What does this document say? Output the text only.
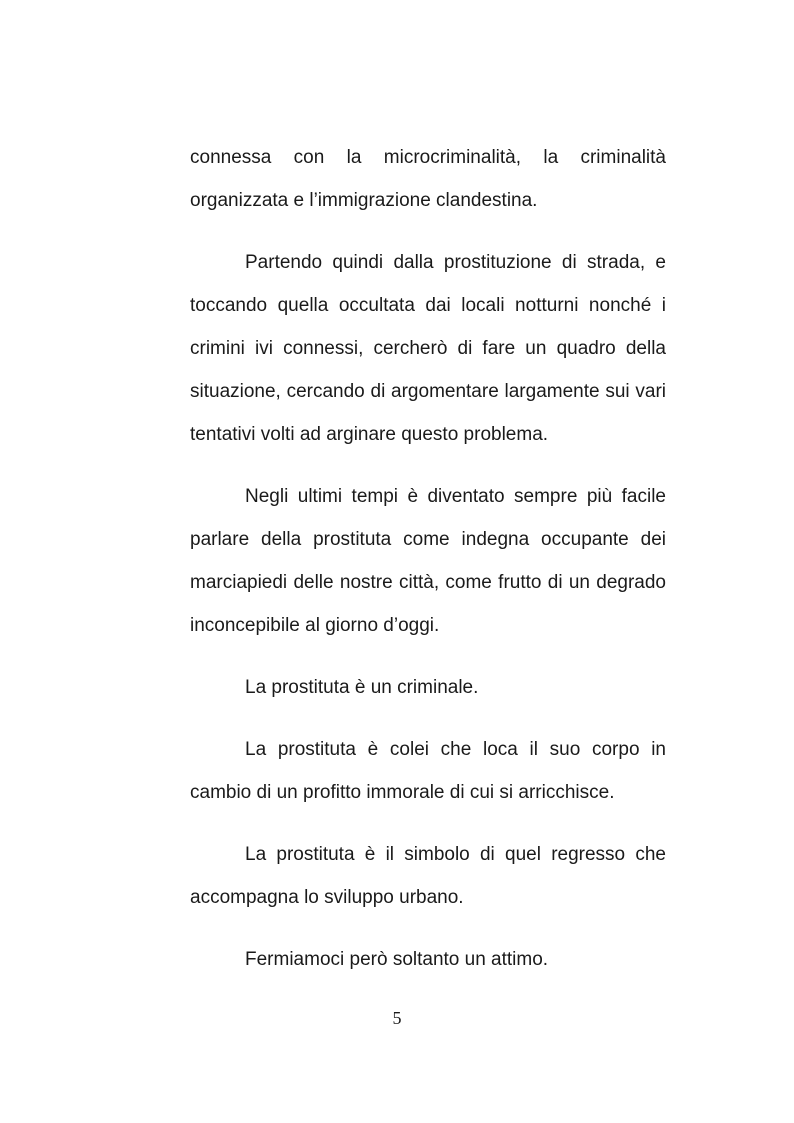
connessa con la microcriminalità, la criminalità organizzata e l’immigrazione clandestina.

Partendo quindi dalla prostituzione di strada, e toccando quella occultata dai locali notturni nonché i crimini ivi connessi, cercherò di fare un quadro della situazione, cercando di argomentare largamente sui vari tentativi volti ad arginare questo problema.

Negli ultimi tempi è diventato sempre più facile parlare della prostituta come indegna occupante dei marciapiedi delle nostre città, come frutto di un degrado inconcepibile al giorno d’oggi.

La prostituta è un criminale.

La prostituta è colei che loca il suo corpo in cambio di un profitto immorale di cui si arricchisce.

La prostituta è il simbolo di quel regresso che accompagna lo sviluppo urbano.

Fermiamoci però soltanto un attimo.

5
